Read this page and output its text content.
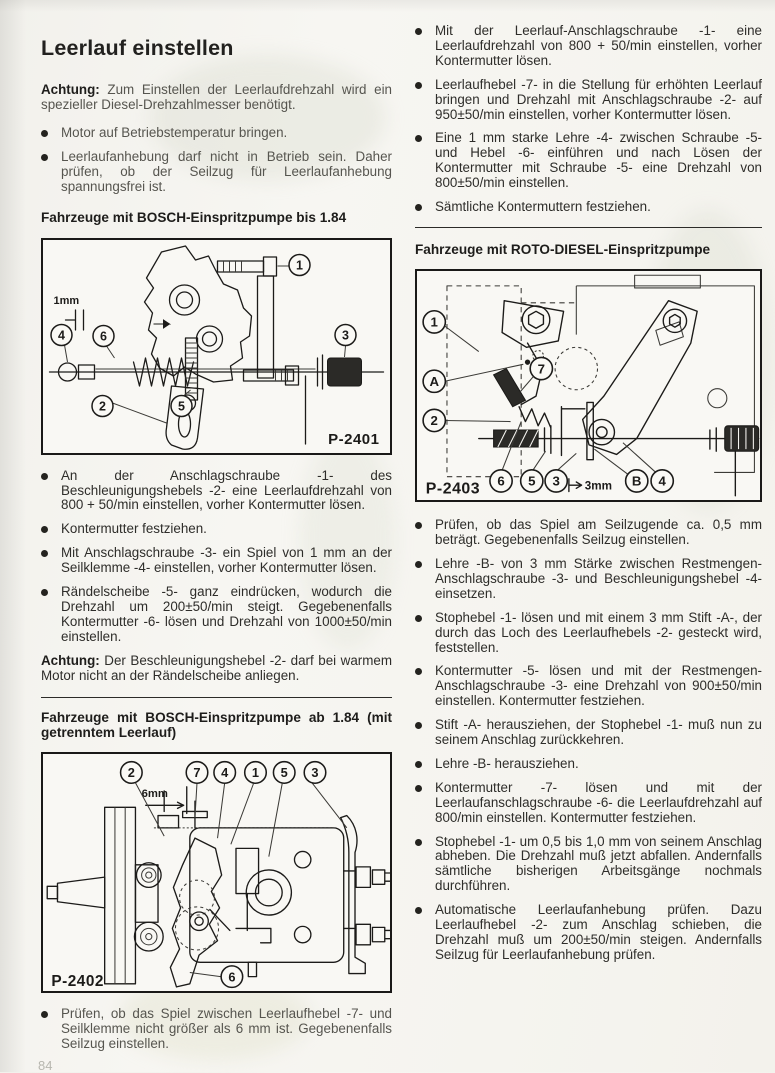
Leerlauf einstellen

Achtung: Zum Einstellen der Leerlaufdrehzahl wird ein spezieller Diesel-Drehzahlmesser benötigt.

Motor auf Betriebstemperatur bringen.
Leerlaufanhebung darf nicht in Betrieb sein. Daher prüfen, ob der Seilzug für Leerlaufanhebung spannungsfrei ist.
Fahrzeuge mit BOSCH-Einspritzpumpe bis 1.84
1mm
1
3
4	6
2	5
P-2401
An der Anschlagschraube -1- des Beschleunigungshebels -2- eine Leerlaufdrehzahl von 800 + 50/min einstellen, vorher Kontermutter lösen.
Kontermutter festziehen.
Mit Anschlagschraube -3- ein Spiel von 1 mm an der Seilklemme -4- einstellen, vorher Kontermutter lösen.
Rändelscheibe -5- ganz eindrücken, wodurch die Drehzahl um 200±50/min steigt. Gegebenenfalls Kontermutter -6- lösen und Drehzahl von 1000±50/min einstellen.

Achtung: Der Beschleunigungshebel -2- darf bei warmem Motor nicht an der Rändelscheibe anliegen.

Fahrzeuge mit BOSCH-Einspritzpumpe ab 1.84 (mit getrenntem Leerlauf)
6mm
2	7 4 1 5 3
6
P-2402
Prüfen, ob das Spiel zwischen Leerlaufhebel -7- und Seilklemme nicht größer als 6 mm ist. Gegebenenfalls Seilzug einstellen.
Mit der Leerlauf-Anschlagschraube -1- eine Leerlaufdrehzahl von 800 + 50/min einstellen, vorher Kontermutter lösen.
Leerlaufhebel -7- in die Stellung für erhöhten Leerlauf bringen und Drehzahl mit Anschlagschraube -2- auf 950±50/min einstellen, vorher Kontermutter lösen.
Eine 1 mm starke Lehre -4- zwischen Schraube -5- und Hebel -6- einführen und nach Lösen der Kontermutter mit Schraube -5- eine Drehzahl von 800±50/min einstellen.
Sämtliche Kontermuttern festziehen.
Fahrzeuge mit ROTO-DIESEL-Einspritzpumpe
3mm
1
A
2
7
6 5 3	B 4
P-2403
Prüfen, ob das Spiel am Seilzugende ca. 0,5 mm beträgt. Gegebenenfalls Seilzug einstellen.
Lehre -B- von 3 mm Stärke zwischen Restmengen-Anschlagschraube -3- und Beschleunigungshebel -4- einsetzen.
Stophebel -1- lösen und mit einem 3 mm Stift -A-, der durch das Loch des Leerlaufhebels -2- gesteckt wird, feststellen.
Kontermutter -5- lösen und mit der Restmengen-Anschlagschraube -3- eine Drehzahl von 900±50/min einstellen. Kontermutter festziehen.
Stift -A- herausziehen, der Stophebel -1- muß nun zu seinem Anschlag zurückkehren.
Lehre -B- herausziehen.
Kontermutter -7- lösen und mit der Leerlaufanschlagschraube -6- die Leerlaufdrehzahl auf 800/min einstellen. Kontermutter festziehen.
Stophebel -1- um 0,5 bis 1,0 mm von seinem Anschlag abheben. Die Drehzahl muß jetzt abfallen. Andernfalls sämtliche bisherigen Arbeitsgänge nochmals durchführen.
Automatische Leerlaufanhebung prüfen. Dazu Leerlaufhebel -2- zum Anschlag schieben, die Drehzahl muß um 200±50/min steigen. Andernfalls Seilzug für Leerlaufanhebung prüfen.
84
